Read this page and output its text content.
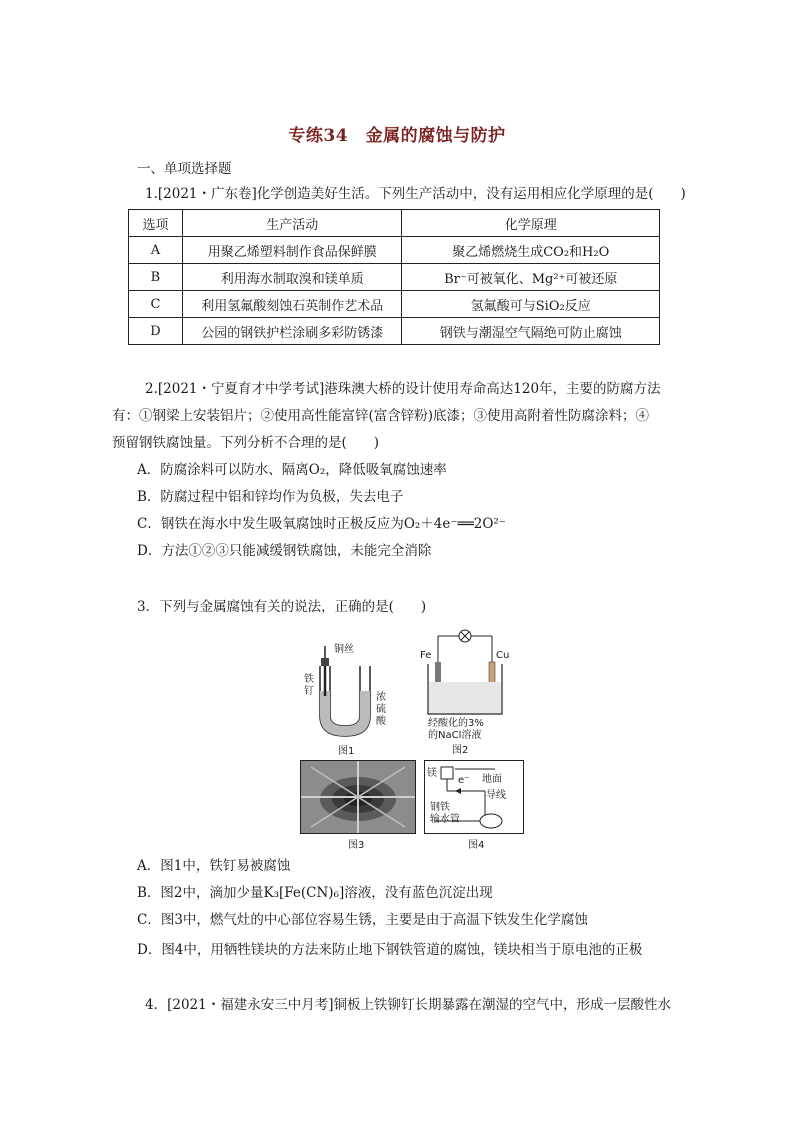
专练34　金属的腐蚀与防护
一、单项选择题
1.[2021・广东卷]化学创造美好生活。下列生产活动中，没有运用相应化学原理的是(　　)
选项	生产活动	化学原理
A	用聚乙烯塑料制作食品保鲜膜	聚乙烯燃烧生成CO₂和H₂O
B	利用海水制取溴和镁单质	Br⁻可被氧化、Mg²⁺可被还原
C	利用氢氟酸刻蚀石英制作艺术品	氢氟酸可与SiO₂反应
D	公园的钢铁护栏涂刷多彩防锈漆	钢铁与潮湿空气隔绝可防止腐蚀
2.[2021・宁夏育才中学考试]港珠澳大桥的设计使用寿命高达120年，主要的防腐方法
有：①钢梁上安装铝片；②使用高性能富锌(富含锌粉)底漆；③使用高附着性防腐涂料；④
预留钢铁腐蚀量。下列分析不合理的是(　　)
A．防腐涂料可以防水、隔离O₂，降低吸氧腐蚀速率
B．防腐过程中铝和锌均作为负极，失去电子
C．钢铁在海水中发生吸氧腐蚀时正极反应为O₂＋4e⁻══2O²⁻
D．方法①②③只能减缓钢铁腐蚀，未能完全消除
3．下列与金属腐蚀有关的说法，正确的是(　　)
铜丝
铁钉
浓硫酸
图1
Fe	Cu
经酸化的3%
的NaCl溶液
图2
图3
镁
地面
e⁻
导线
钢铁
输水管
图4
A．图1中，铁钉易被腐蚀
B．图2中，滴加少量K₃[Fe(CN)₆]溶液，没有蓝色沉淀出现
C．图3中，燃气灶的中心部位容易生锈，主要是由于高温下铁发生化学腐蚀
D．图4中，用牺牲镁块的方法来防止地下钢铁管道的腐蚀，镁块相当于原电池的正极
4．[2021・福建永安三中月考]铜板上铁铆钉长期暴露在潮湿的空气中，形成一层酸性水
